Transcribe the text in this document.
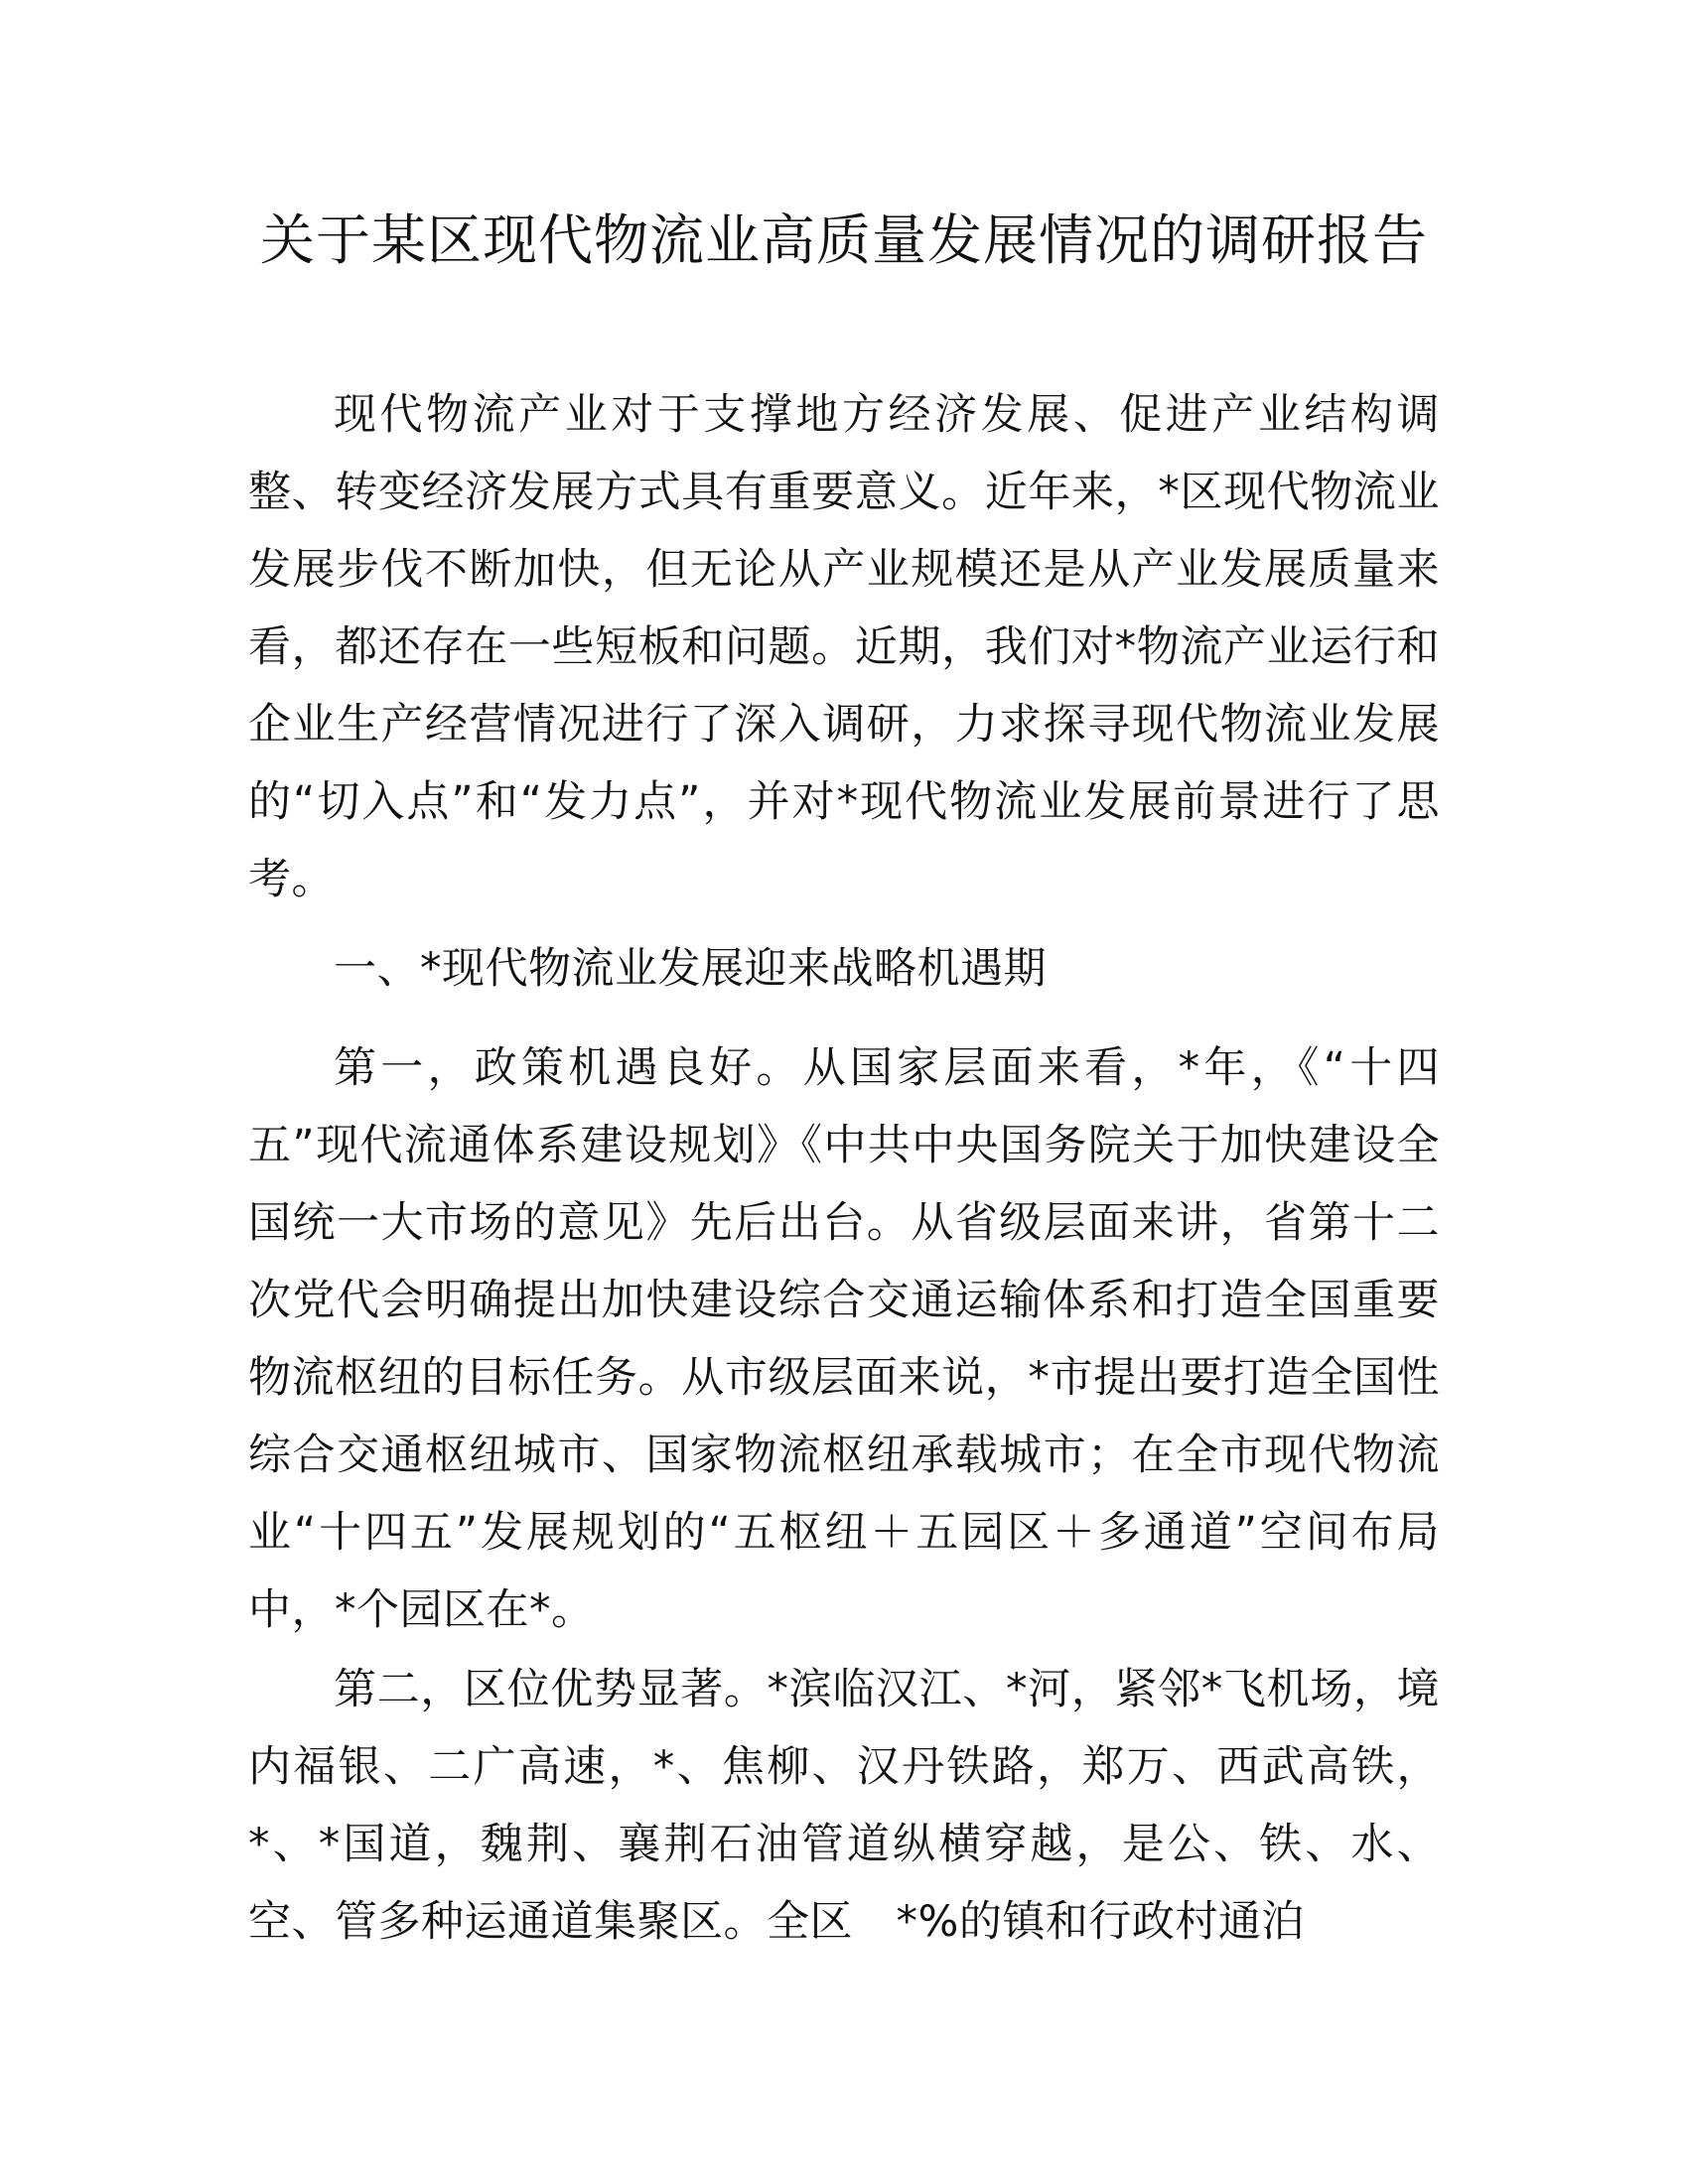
关于某区现代物流业高质量发展情况的调研报告

现代物流产业对于支撑地方经济发展、促进产业结构调整、转变经济发展方式具有重要意义。近年来，*区现代物流业发展步伐不断加快，但无论从产业规模还是从产业发展质量来看，都还存在一些短板和问题。近期，我们对*物流产业运行和企业生产经营情况进行了深入调研，力求探寻现代物流业发展的“切入点”和“发力点”，并对*现代物流业发展前景进行了思考。

一、*现代物流业发展迎来战略机遇期

第一，政策机遇良好。从国家层面来看，*年，《“十四五”现代流通体系建设规划》《中共中央国务院关于加快建设全国统一大市场的意见》先后出台。从省级层面来讲，省第十二次党代会明确提出加快建设综合交通运输体系和打造全国重要物流枢纽的目标任务。从市级层面来说，*市提出要打造全国性综合交通枢纽城市、国家物流枢纽承载城市；在全市现代物流业“十四五”发展规划的“五枢纽＋五园区＋多通道”空间布局中，*个园区在*。

第二，区位优势显著。*滨临汉江、*河，紧邻*飞机场，境内福银、二广高速，*、焦柳、汉丹铁路，郑万、西武高铁，*、*国道，魏荆、襄荆石油管道纵横穿越，是公、铁、水、空、管多种运通道集聚区。全区　*%的镇和行政村通泊
